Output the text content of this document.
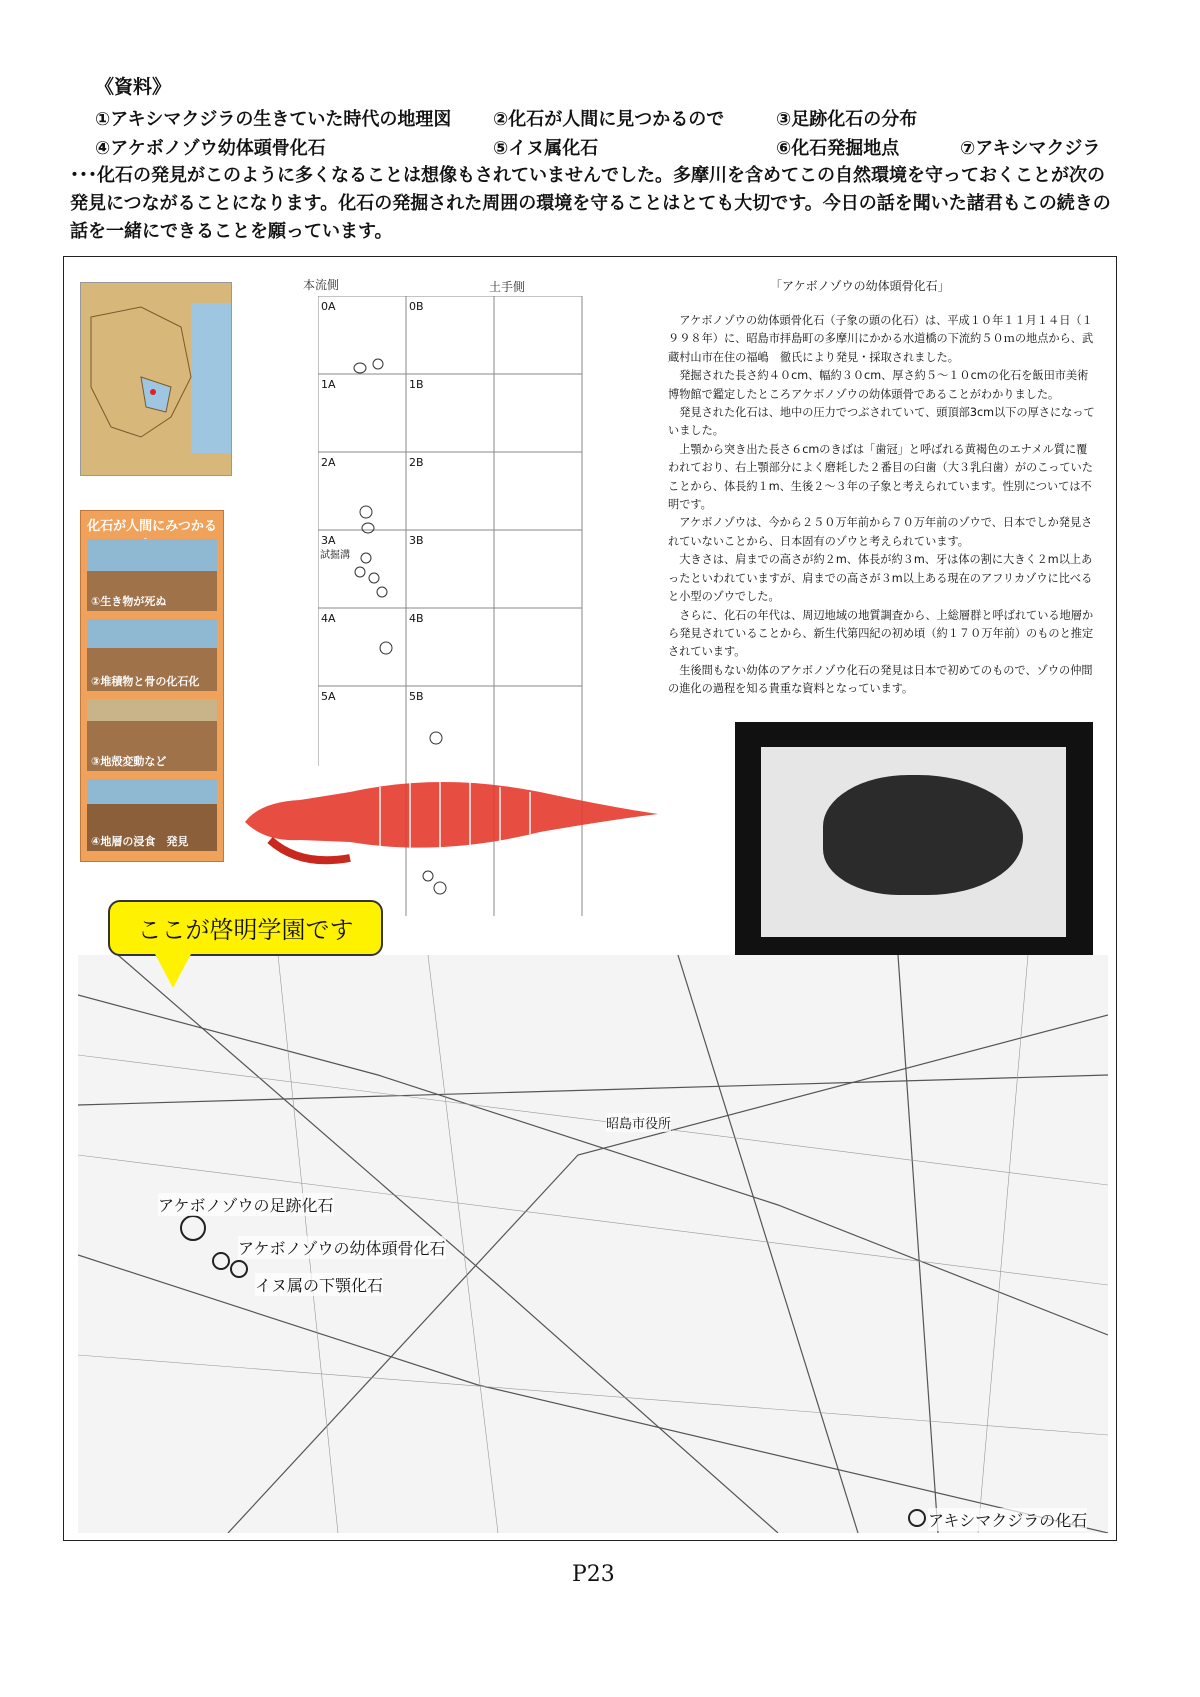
《資料》
①アキシマクジラの生きていた時代の地理図 ②化石が人間に見つかるので	③足跡化石の分布
④アケボノゾウ幼体頭骨化石	⑤イヌ属化石	⑥化石発掘地点	⑦アキシマクジラ
･･･化石の発見がこのように多くなることは想像もされていませんでした。多摩川を含めてこの自然環境を守っておくことが次の発見につながることになります。化石の発掘された周囲の環境を守ることはとても大切です。今日の話を聞いた諸君もこの続きの話を一緒にできることを願っています。
化石が人間にみつかる
①生き物が死ぬ
②堆積物と骨の化石化
③地殻変動など
④地層の浸食　発見
本流側	土手側
0A	0B
1A	1B
2A	2B
3A	3B
4A	4B
5A	5B
試掘溝
「アケボノゾウの幼体頭骨化石」

アケボノゾウの幼体頭骨化石（子象の頭の化石）は、平成１０年１１月１４日（１９９８年）に、昭島市拝島町の多摩川にかかる水道橋の下流約５０ｍの地点から、武蔵村山市在住の福嶋　徹氏により発見・採取されました。

発掘された長さ約４０cm、幅約３０cm、厚さ約５～１０cmの化石を飯田市美術博物館で鑑定したところアケボノゾウの幼体頭骨であることがわかりました。

発見された化石は、地中の圧力でつぶされていて、頭頂部3cm以下の厚さになっていました。

上顎から突き出た長さ６cmのきばは「歯冠」と呼ばれる黄褐色のエナメル質に覆われており、右上顎部分によく磨耗した２番目の臼歯（大３乳臼歯）がのこっていたことから、体長約１m、生後２～３年の子象と考えられています。性別については不明です。

アケボノゾウは、今から２５０万年前から７０万年前のゾウで、日本でしか発見されていないことから、日本固有のゾウと考えられています。

大きさは、肩までの高さが約２m、体長が約３m、牙は体の割に大きく２m以上あったといわれていますが、肩までの高さが３m以上ある現在のアフリカゾウに比べると小型のゾウでした。

さらに、化石の年代は、周辺地域の地質調査から、上総層群と呼ばれている地層から発見されていることから、新生代第四紀の初め頃（約１７０万年前）のものと推定されています。

生後間もない幼体のアケボノゾウ化石の発見は日本で初めてのもので、ゾウの仲間の進化の過程を知る貴重な資料となっています。

ここが啓明学園です
アケボノゾウの足跡化石
アケボノゾウの幼体頭骨化石
イヌ属の下顎化石
昭島市役所
アキシマクジラの化石
P23
